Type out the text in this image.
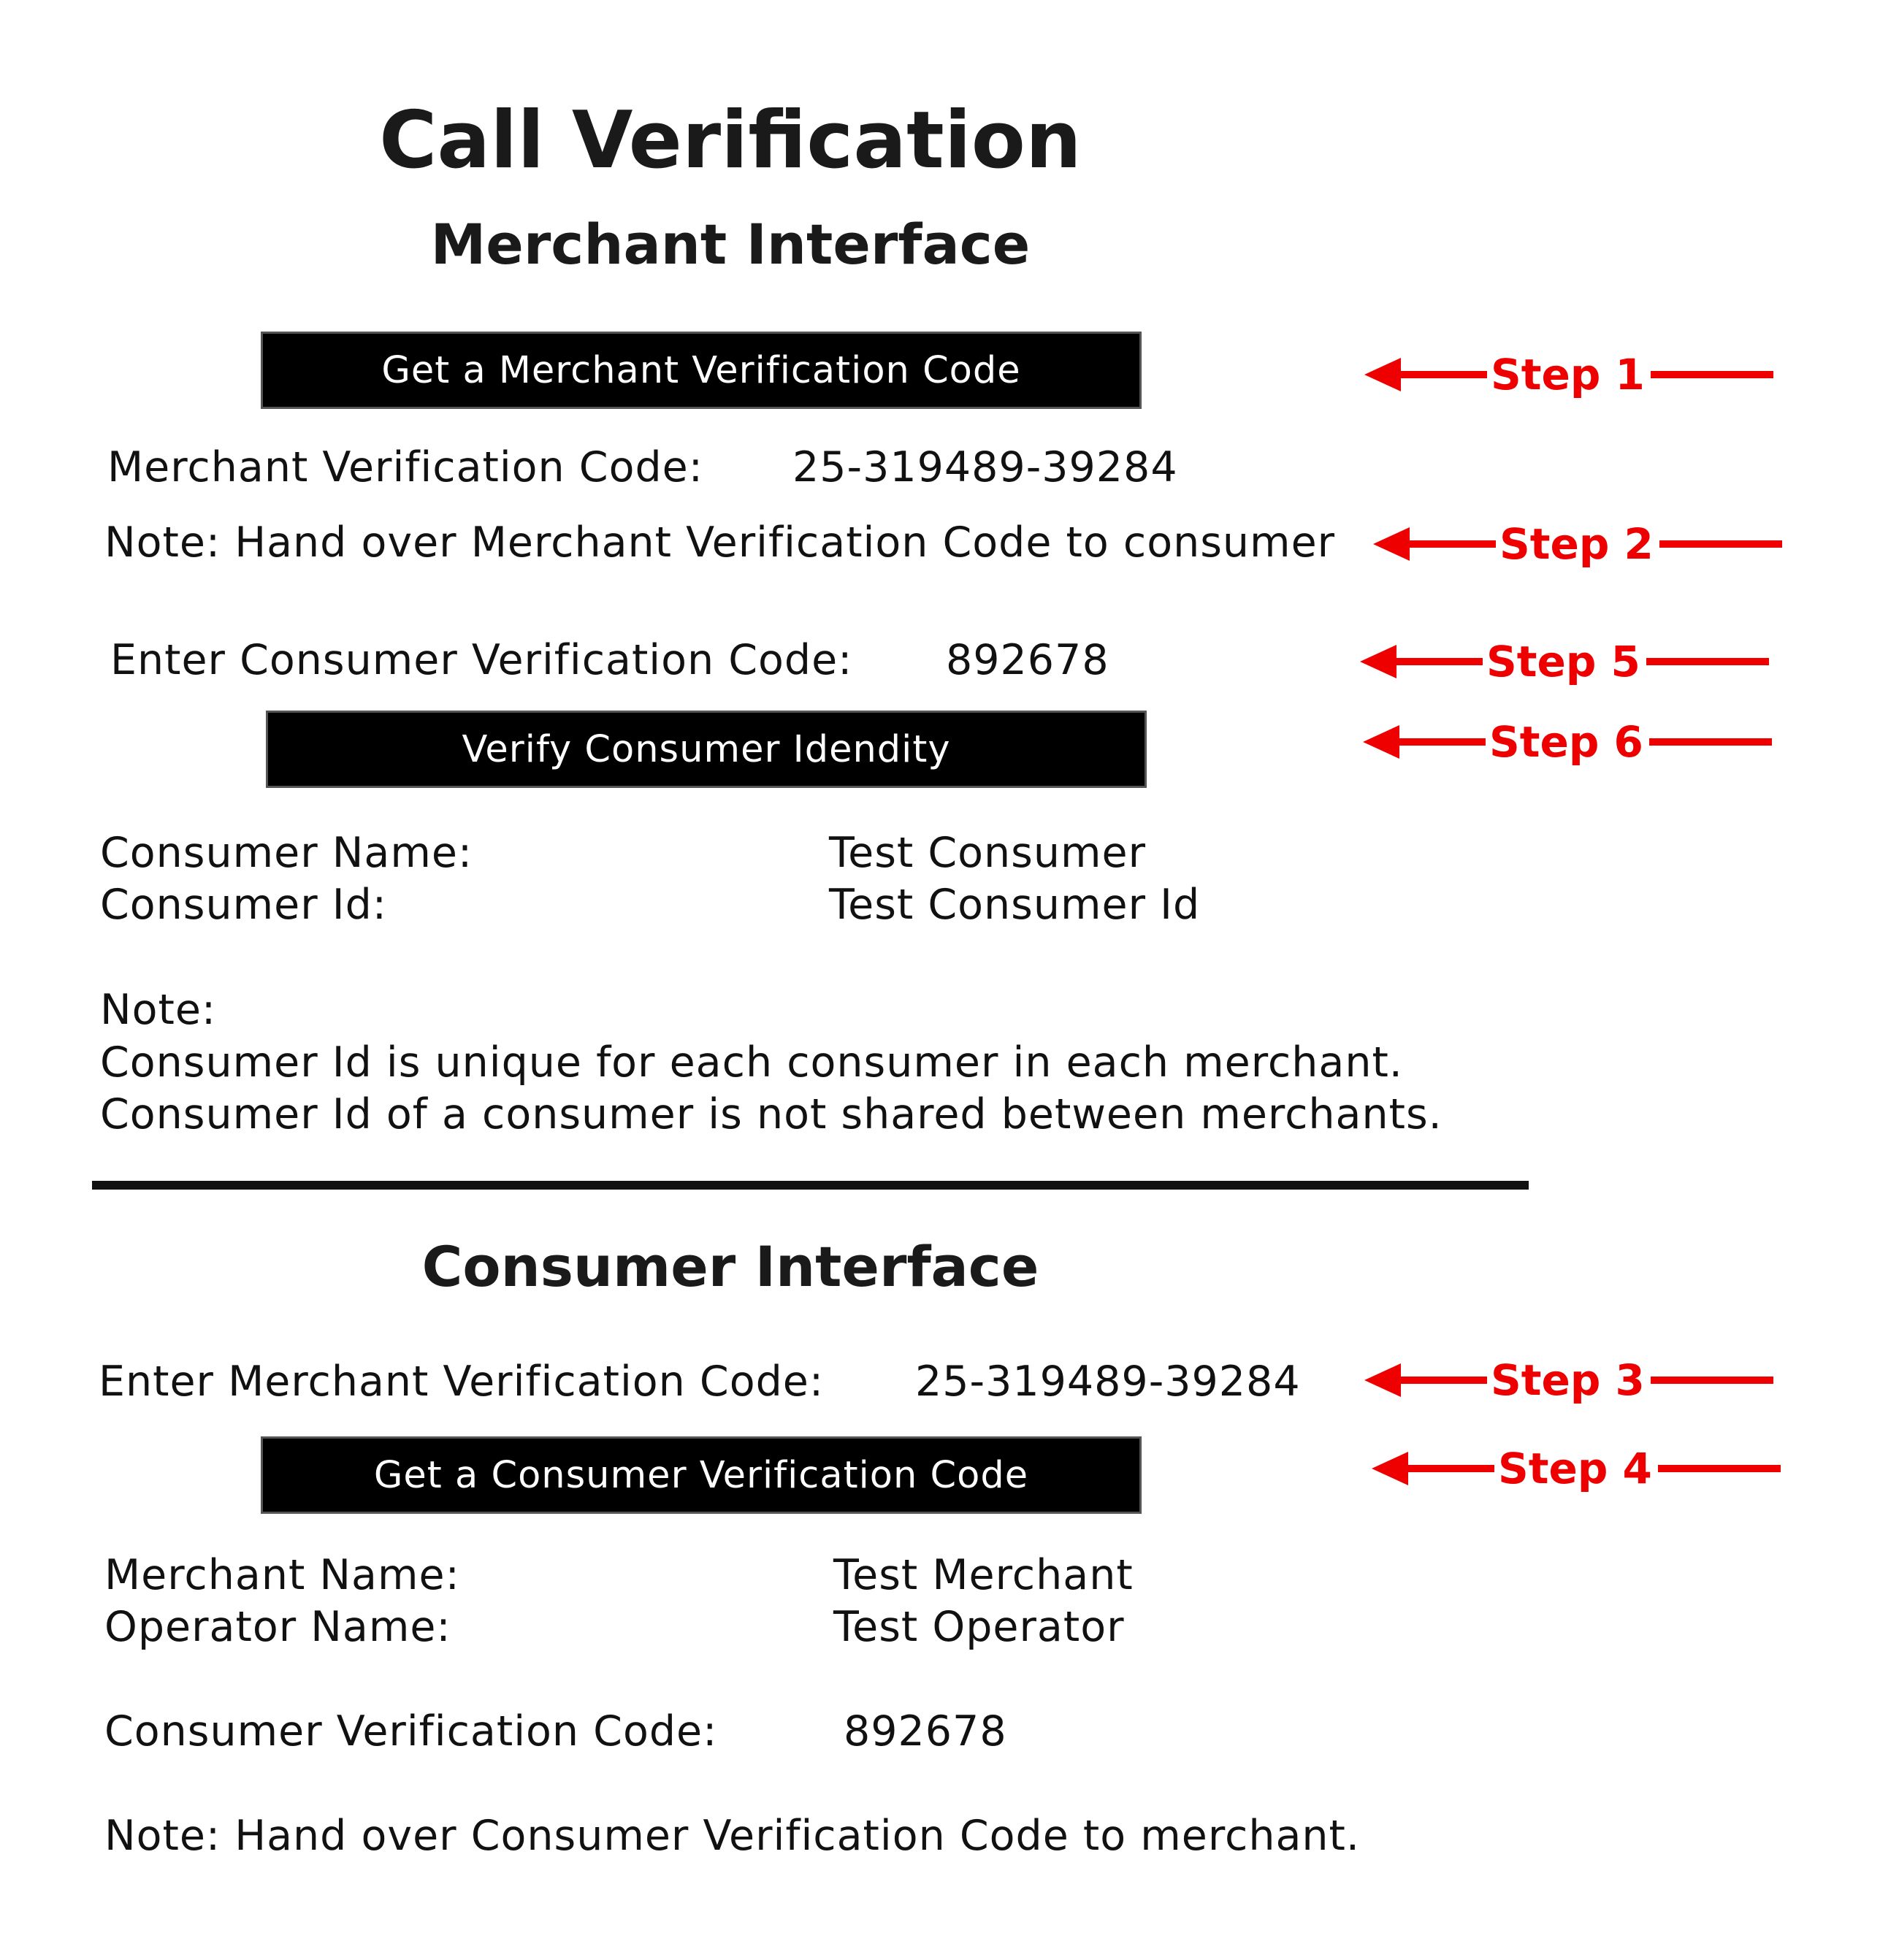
Call Verification
Merchant Interface
Get a Merchant Verification Code
Merchant Verification Code: 25-319489-39284
Note: Hand over Merchant Verification Code to consumer
Enter Consumer Verification Code: 892678
Verify Consumer Idendity
Consumer Name:	Test Consumer
Consumer Id:	Test Consumer Id
Note:
Consumer Id is unique for each consumer in each merchant.
Consumer Id of a consumer is not shared between merchants.
Consumer Interface
Enter Merchant Verification Code: 25-319489-39284
Get a Consumer Verification Code
Merchant Name:	Test Merchant
Operator Name:	Test Operator
Consumer Verification Code:	892678
Note: Hand over Consumer Verification Code to merchant.
Step 1
Step 2
Step 3
Step 4
Step 5
Step 6
